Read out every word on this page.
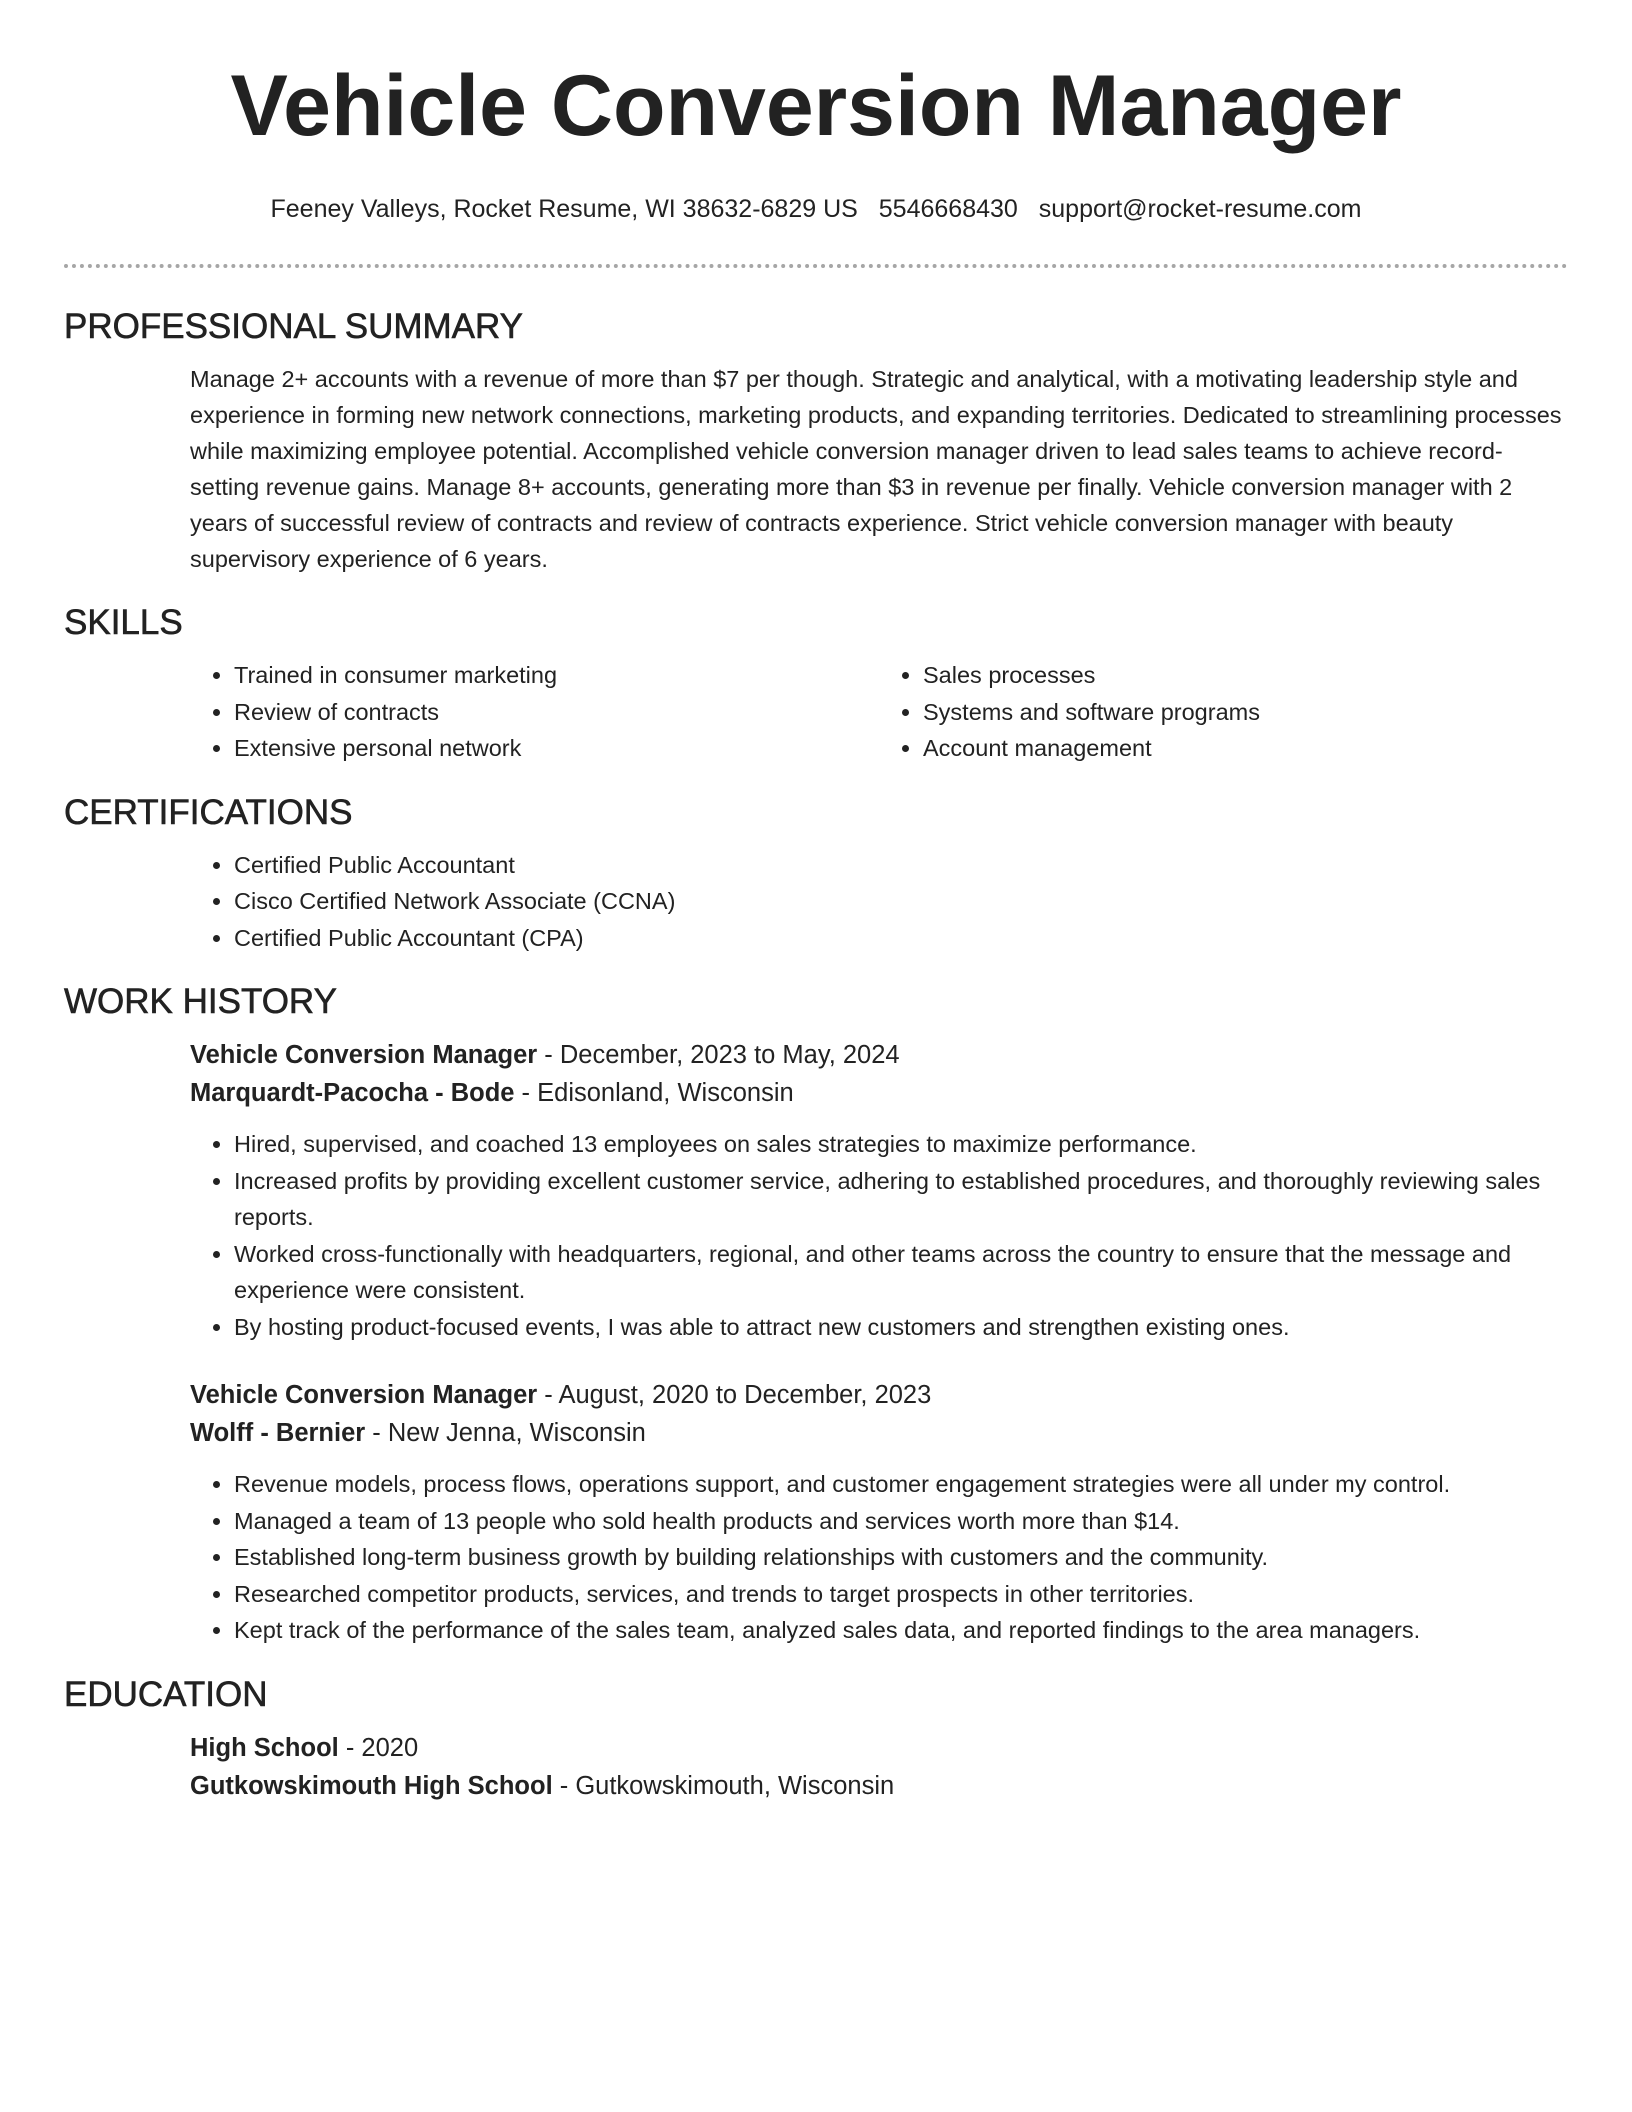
Vehicle Conversion Manager
Feeney Valleys, Rocket Resume, WI 38632-6829 US 5546668430 support@rocket-resume.com
PROFESSIONAL SUMMARY

Manage 2+ accounts with a revenue of more than $7 per though. Strategic and analytical, with a motivating leadership style and experience in forming new network connections, marketing products, and expanding territories. Dedicated to streamlining processes while maximizing employee potential. Accomplished vehicle conversion manager driven to lead sales teams to achieve record-setting revenue gains. Manage 8+ accounts, generating more than $3 in revenue per finally. Vehicle conversion manager with 2 years of successful review of contracts and review of contracts experience. Strict vehicle conversion manager with beauty supervisory experience of 6 years.

SKILLS
• Trained in consumer marketing
• Review of contracts
• Extensive personal network
• Sales processes
• Systems and software programs
• Account management
CERTIFICATIONS
• Certified Public Accountant
• Cisco Certified Network Associate (CCNA)
• Certified Public Accountant (CPA)
WORK HISTORY
Vehicle Conversion Manager - December, 2023 to May, 2024
Marquardt-Pacocha - Bode - Edisonland, Wisconsin
• Hired, supervised, and coached 13 employees on sales strategies to maximize performance.
• Increased profits by providing excellent customer service, adhering to established procedures, and thoroughly reviewing sales reports.
• Worked cross-functionally with headquarters, regional, and other teams across the country to ensure that the message and experience were consistent.
• By hosting product-focused events, I was able to attract new customers and strengthen existing ones.
Vehicle Conversion Manager - August, 2020 to December, 2023
Wolff - Bernier - New Jenna, Wisconsin
• Revenue models, process flows, operations support, and customer engagement strategies were all under my control.
• Managed a team of 13 people who sold health products and services worth more than $14.
• Established long-term business growth by building relationships with customers and the community.
• Researched competitor products, services, and trends to target prospects in other territories.
• Kept track of the performance of the sales team, analyzed sales data, and reported findings to the area managers.
EDUCATION
High School - 2020
Gutkowskimouth High School - Gutkowskimouth, Wisconsin
